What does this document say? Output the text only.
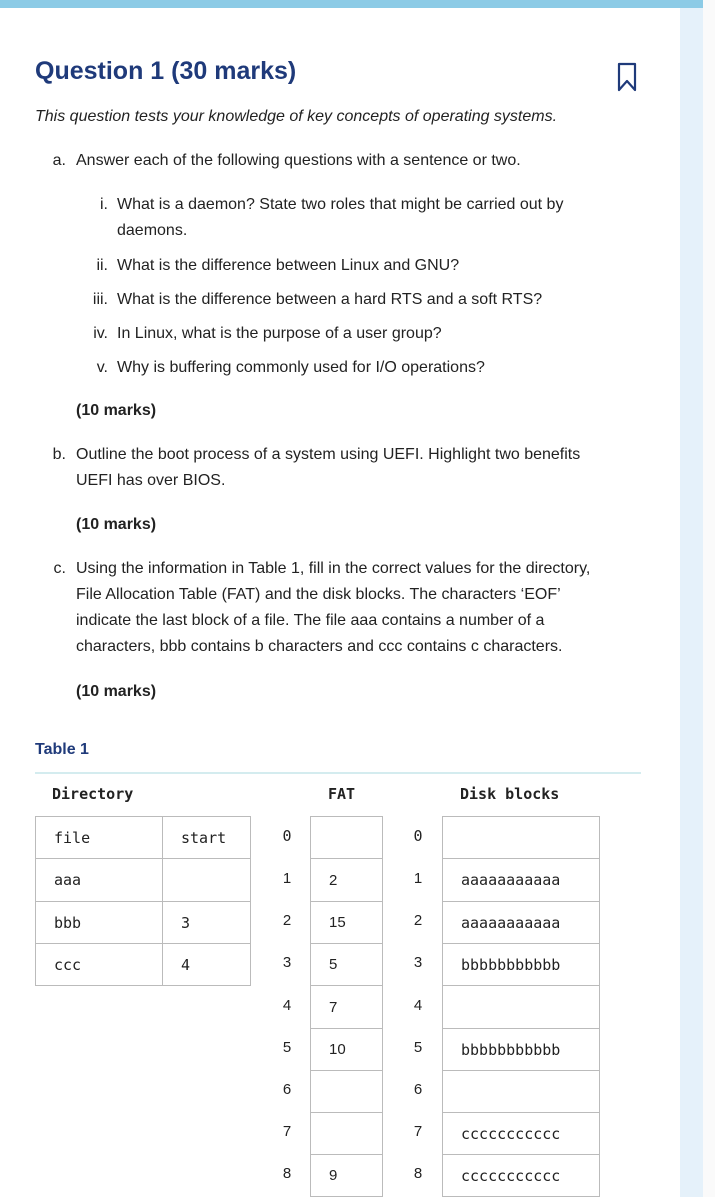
Question 1 (30 marks)
This question tests your knowledge of key concepts of operating systems.
a. Answer each of the following questions with a sentence or two.
i. What is a daemon? State two roles that might be carried out by
daemons.
ii. What is the difference between Linux and GNU?
iii. What is the difference between a hard RTS and a soft RTS?
iv. In Linux, what is the purpose of a user group?
v. Why is buffering commonly used for I/O operations?
(10 marks)
b. Outline the boot process of a system using UEFI. Highlight two benefits
UEFI has over BIOS.
(10 marks)
c. Using the information in Table 1, fill in the correct values for the directory,
File Allocation Table (FAT) and the disk blocks. The characters ‘EOF’
indicate the last block of a file. The file aaa contains a number of a
characters, bbb contains b characters and ccc contains c characters.
(10 marks)
Table 1
Directory	FAT	Disk blocks
file	start
aaa
bbb	3
ccc	4
0
1	2
2	15
3	5
4	7
5	10
6
7
8	9
0
1	aaaaaaaaaaa
2	aaaaaaaaaaa
3	bbbbbbbbbbb
4
5	bbbbbbbbbbb
6
7	ccccccccccc
8	ccccccccccc
